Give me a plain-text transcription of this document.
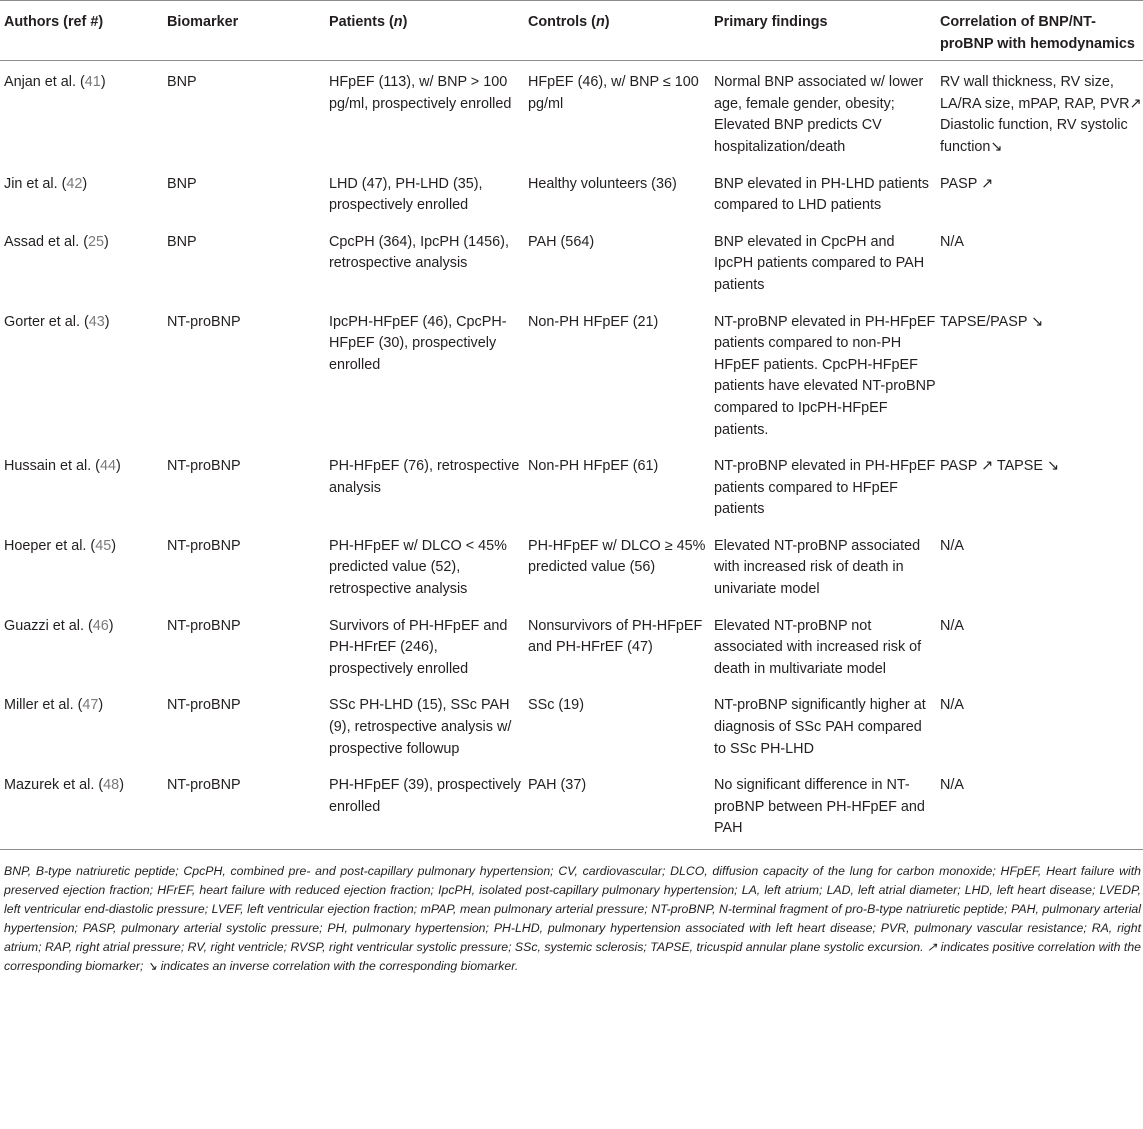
Authors (ref #)	Biomarker	Patients (n)	Controls (n)	Primary findings	Correlation of BNP/NT-proBNP with hemodynamics
Anjan et al. (41)	BNP	HFpEF (113), w/ BNP > 100 pg/ml, prospectively enrolled	HFpEF (46), w/ BNP ≤ 100 pg/ml	Normal BNP associated w/ lower age, female gender, obesity; Elevated BNP predicts CV hospitalization/death	RV wall thickness, RV size, LA/RA size, mPAP, RAP, PVR↗ Diastolic function, RV systolic function↘
Jin et al. (42)	BNP	LHD (47), PH-LHD (35), prospectively enrolled	Healthy volunteers (36)	BNP elevated in PH-LHD patients compared to LHD patients	PASP ↗
Assad et al. (25)	BNP	CpcPH (364), IpcPH (1456), retrospective analysis	PAH (564)	BNP elevated in CpcPH and IpcPH patients compared to PAH patients	N/A
Gorter et al. (43)	NT-proBNP	IpcPH-HFpEF (46), CpcPH-HFpEF (30), prospectively enrolled	Non-PH HFpEF (21)	NT-proBNP elevated in PH-HFpEF patients compared to non-PH HFpEF patients. CpcPH-HFpEF patients have elevated NT-proBNP compared to IpcPH-HFpEF patients.	TAPSE/PASP ↘
Hussain et al. (44)	NT-proBNP	PH-HFpEF (76), retrospective analysis	Non-PH HFpEF (61)	NT-proBNP elevated in PH-HFpEF patients compared to HFpEF patients	PASP ↗ TAPSE ↘
Hoeper et al. (45)	NT-proBNP	PH-HFpEF w/ DLCO < 45% predicted value (52), retrospective analysis	PH-HFpEF w/ DLCO ≥ 45% predicted value (56)	Elevated NT-proBNP associated with increased risk of death in univariate model	N/A
Guazzi et al. (46)	NT-proBNP	Survivors of PH-HFpEF and PH-HFrEF (246), prospectively enrolled	Nonsurvivors of PH-HFpEF and PH-HFrEF (47)	Elevated NT-proBNP not associated with increased risk of death in multivariate model	N/A
Miller et al. (47)	NT-proBNP	SSc PH-LHD (15), SSc PAH (9), retrospective analysis w/ prospective followup	SSc (19)	NT-proBNP significantly higher at diagnosis of SSc PAH compared to SSc PH-LHD	N/A
Mazurek et al. (48)	NT-proBNP	PH-HFpEF (39), prospectively enrolled	PAH (37)	No significant difference in NT-proBNP between PH-HFpEF and PAH	N/A
BNP, B-type natriuretic peptide; CpcPH, combined pre- and post-capillary pulmonary hypertension; CV, cardiovascular; DLCO, diffusion capacity of the lung for carbon monoxide; HFpEF, Heart failure with preserved ejection fraction; HFrEF, heart failure with reduced ejection fraction; IpcPH, isolated post-capillary pulmonary hypertension; LA, left atrium; LAD, left atrial diameter; LHD, left heart disease; LVEDP, left ventricular end-diastolic pressure; LVEF, left ventricular ejection fraction; mPAP, mean pulmonary arterial pressure; NT-proBNP, N-terminal fragment of pro-B-type natriuretic peptide; PAH, pulmonary arterial hypertension; PASP, pulmonary arterial systolic pressure; PH, pulmonary hypertension; PH-LHD, pulmonary hypertension associated with left heart disease; PVR, pulmonary vascular resistance; RA, right atrium; RAP, right atrial pressure; RV, right ventricle; RVSP, right ventricular systolic pressure; SSc, systemic sclerosis; TAPSE, tricuspid annular plane systolic excursion. ↗ indicates positive correlation with the corresponding biomarker; ↘ indicates an inverse correlation with the corresponding biomarker.
